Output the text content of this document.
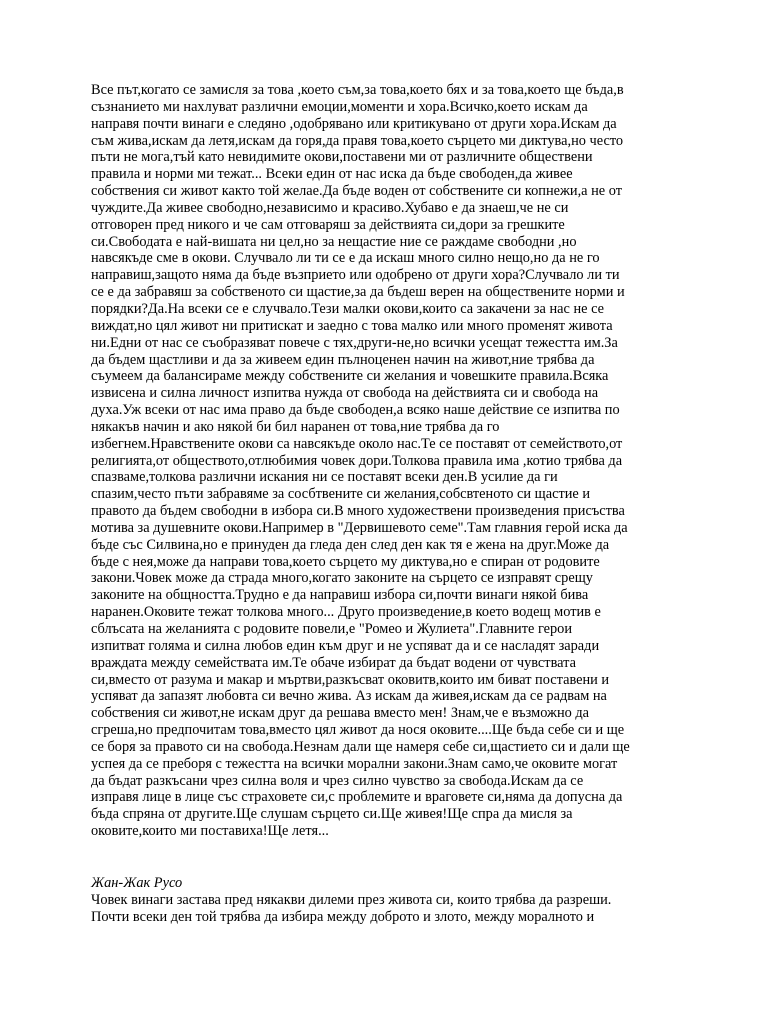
Все път,когато се замисля за това ,което съм,за това,което бях и за това,което ще бъда,в
съзнанието ми нахлуват различни емоции,моменти и хора.Всичко,което искам да
направя почти винаги е следяно ,одобрявано или критикувано от други хора.Искам да
съм жива,искам да летя,искам да горя,да правя това,което сърцето ми диктува,но често
пъти не мога,тъй като невидимите окови,поставени ми от различните обществени
правила и норми ми тежат... Всеки един от нас иска да бъде свободен,да живее
собствения си живот както той желае.Да бъде воден от собствените си копнежи,а не от
чуждите.Да живее свободно,независимо и красиво.Хубаво е да знаеш,че не си
отговорен пред никого и че сам отговаряш за действията си,дори за грешките
си.Свободата е най-вишата ни цел,но за нещастие ние се раждаме свободни ,но
навсякъде сме в окови. Случвало ли ти се е да искаш много силно нещо,но да не го
направиш,защото няма да бъде възприето или одобрено от други хора?Случвало ли ти
се е да забравяш за собственото си щастие,за да бъдеш верен на обществените норми и
порядки?Да.На всеки се е случвало.Тези малки окови,които са закачени за нас не се
виждат,но цял живот ни притискат и заедно с това малко или много променят живота
ни.Едни от нас се съобразяват повече с тях,други-не,но всички усещат тежестта им.За
да бъдем щастливи и да за живеем един пълноценен начин на живот,ние трябва да
съумеем да балансираме между собствените си желания и човешките правила.Всяка
извисена и силна личност изпитва нужда от свобода на действията си и свобода на
духа.Уж всеки от нас има право да бъде свободен,а всяко наше действие се изпитва по
някакъв начин и ако някой би бил наранен от това,ние трябва да го
избегнем.Нравствените окови са навсякъде около нас.Те се поставят от семейството,от
религията,от обществото,отлюбимия човек дори.Толкова правила има ,котио трябва да
спазваме,толкова различни искания ни се поставят всеки ден.В усилие да ги
спазим,често пъти забравяме за сосбтвените си желания,собсвтеното си щастие и
правото да бъдем свободни в избора си.В много художествени произведения присъства
мотива за душевните окови.Например в "Дервишевото семе".Там главния герой иска да
бъде със Силвина,но е принуден да гледа ден след ден как тя е жена на друг.Може да
бъде с нея,може да направи това,което сърцето му диктува,но е спиран от родовите
закони.Човек може да страда много,когато законите на сърцето се изправят срещу
законите на общността.Трудно е да направиш избора си,почти винаги някой бива
наранен.Оковите тежат толкова много... Друго произведение,в което водещ мотив е
сблъсата на желанията с родовите повели,е "Ромео и Жулиета".Главните герои
изпитват голяма и силна любов един към друг и не успяват да и се насладят заради
враждата между семействата им.Те обаче избират да бъдат водени от чувствата
си,вместо от разума и макар и мъртви,разкъсват оковитв,които им биват поставени и
успяват да запазят любовта си вечно жива. Аз искам да живея,искам да се радвам на
собствения си живот,не искам друг да решава вместо мен! Знам,че е възможно да
сгреша,но предпочитам това,вместо цял живот да нося оковите....Ще бъда себе си и ще
се боря за правото си на свобода.Незнам дали ще намеря себе си,щастието си и дали ще
успея да се преборя с тежестта на всички морални закони.Знам само,че оковите могат
да бъдат разкъсани чрез силна воля и чрез силно чувство за свобода.Искам да се
изправя лице в лице със страховете си,с проблемите и враговете си,няма да допусна да
бъда спряна от другите.Ще слушам сърцето си.Ще живея!Ще спра да мисля за
оковите,които ми поставиха!Ще летя...
Жан-Жак Русо
Човек винаги застава пред някакви дилеми през живота си, които трябва да разреши.
Почти всеки ден той трябва да избира между доброто и злото, между моралното и
